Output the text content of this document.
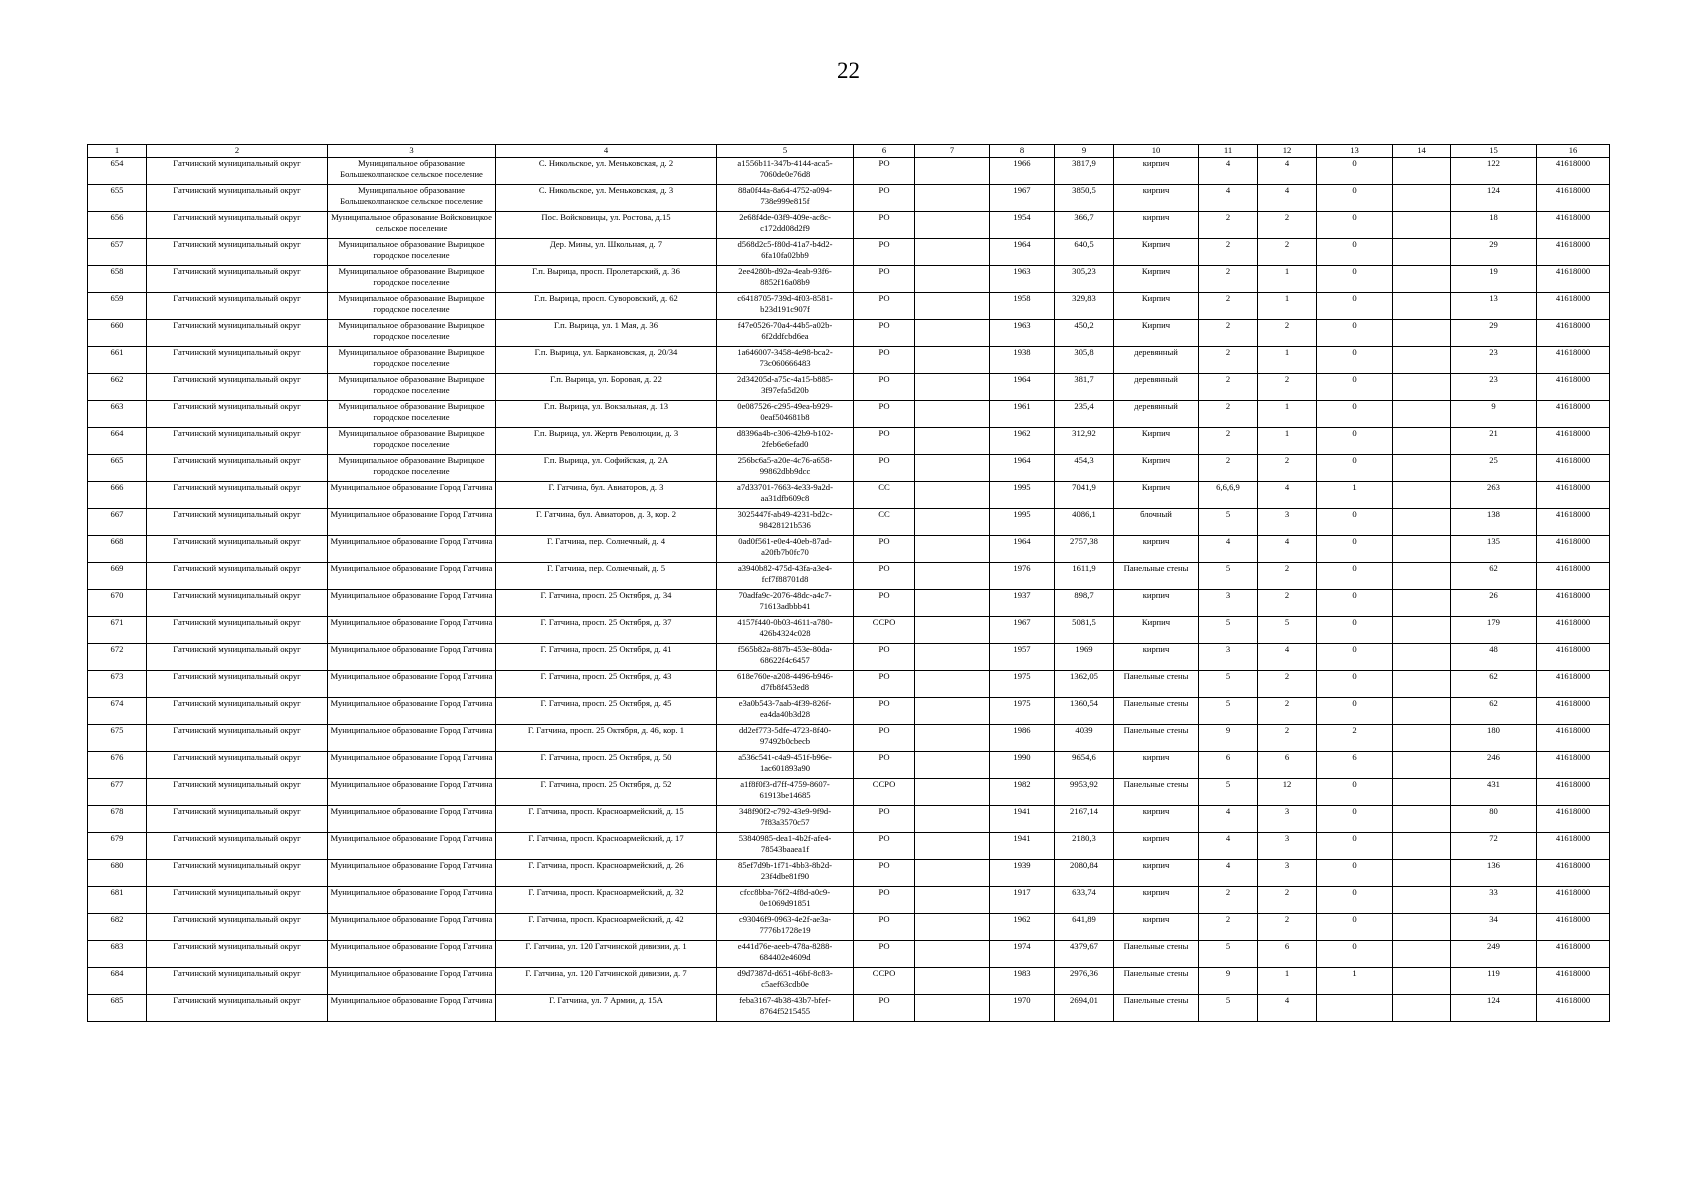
22
1	2	3	4	5	6	7	8	9	10	11	12	13	14	15	16
654	Гатчинский муниципальный округ	Муниципальное образование Большеколпанское сельское поселение	С. Никольское, ул. Меньковская, д. 2	a1556b11-347b-4144-aca5-7060de0e76d8	РО		1966	3817,9	кирпич	4	4	0		122	41618000
655	Гатчинский муниципальный округ	Муниципальное образование Большеколпанское сельское поселение	С. Никольское, ул. Меньковская, д. 3	88a0f44a-8a64-4752-a094-738e999e815f	РО		1967	3850,5	кирпич	4	4	0		124	41618000
656	Гатчинский муниципальный округ	Муниципальное образование Войсковицкое сельское поселение	Пос. Войсковицы, ул. Ростова, д.15	2e68f4de-03f9-409e-ac8c-c172dd08d2f9	РО		1954	366,7	кирпич	2	2	0		18	41618000
657	Гатчинский муниципальный округ	Муниципальное образование Вырицкое городское поселение	Дер. Мины, ул. Школьная, д. 7	d568d2c5-f80d-41a7-b4d2-6fa10fa02bb9	РО		1964	640,5	Кирпич	2	2	0		29	41618000
658	Гатчинский муниципальный округ	Муниципальное образование Вырицкое городское поселение	Г.п. Вырица, просп. Пролетарский, д. 36	2ee4280b-d92a-4eab-93f6-8852f16a08b9	РО		1963	305,23	Кирпич	2	1	0		19	41618000
659	Гатчинский муниципальный округ	Муниципальное образование Вырицкое городское поселение	Г.п. Вырица, просп. Суворовский, д. 62	c6418705-739d-4f03-8581-b23d191c907f	РО		1958	329,83	Кирпич	2	1	0		13	41618000
660	Гатчинский муниципальный округ	Муниципальное образование Вырицкое городское поселение	Г.п. Вырица, ул. 1 Мая, д. 36	f47e0526-70a4-44b5-a02b-6f2ddfcbd6ea	РО		1963	450,2	Кирпич	2	2	0		29	41618000
661	Гатчинский муниципальный округ	Муниципальное образование Вырицкое городское поселение	Г.п. Вырица, ул. Баркановская, д. 20/34	1a646007-3458-4e98-bca2-73c060666483	РО		1938	305,8	деревянный	2	1	0		23	41618000
662	Гатчинский муниципальный округ	Муниципальное образование Вырицкое городское поселение	Г.п. Вырица, ул. Боровая, д. 22	2d34205d-a75c-4a15-b885-3f97efa5d20b	РО		1964	381,7	деревянный	2	2	0		23	41618000
663	Гатчинский муниципальный округ	Муниципальное образование Вырицкое городское поселение	Г.п. Вырица, ул. Вокзальная, д. 13	0e087526-c295-49ea-b929-0eaf504681b8	РО		1961	235,4	деревянный	2	1	0		9	41618000
664	Гатчинский муниципальный округ	Муниципальное образование Вырицкое городское поселение	Г.п. Вырица, ул. Жертв Революции, д. 3	d8396a4b-c306-42b9-b102-2feb6e6efad0	РО		1962	312,92	Кирпич	2	1	0		21	41618000
665	Гатчинский муниципальный округ	Муниципальное образование Вырицкое городское поселение	Г.п. Вырица, ул. Софийская, д. 2А	256bc6a5-a20e-4c76-a658-99862dbb9dcc	РО		1964	454,3	Кирпич	2	2	0		25	41618000
666	Гатчинский муниципальный округ	Муниципальное образование Город Гатчина	Г. Гатчина, бул. Авиаторов, д. 3	a7d33701-7663-4e33-9a2d-aa31dfb609c8	СС		1995	7041,9	Кирпич	6,6,6,9	4	1		263	41618000
667	Гатчинский муниципальный округ	Муниципальное образование Город Гатчина	Г. Гатчина, бул. Авиаторов, д. 3, кор. 2	3025447f-ab49-4231-bd2c-98428121b536	СС		1995	4086,1	блочный	5	3	0		138	41618000
668	Гатчинский муниципальный округ	Муниципальное образование Город Гатчина	Г. Гатчина, пер. Солнечный, д. 4	0ad0f561-e0e4-40eb-87ad-a20fb7b0fc70	РО		1964	2757,38	кирпич	4	4	0		135	41618000
669	Гатчинский муниципальный округ	Муниципальное образование Город Гатчина	Г. Гатчина, пер. Солнечный, д. 5	a3940b82-475d-43fa-a3e4-fcf7f88701d8	РО		1976	1611,9	Панельные стены	5	2	0		62	41618000
670	Гатчинский муниципальный округ	Муниципальное образование Город Гатчина	Г. Гатчина, просп. 25 Октября, д. 34	70adfa9c-2076-48dc-a4c7-71613adbbb41	РО		1937	898,7	кирпич	3	2	0		26	41618000
671	Гатчинский муниципальный округ	Муниципальное образование Город Гатчина	Г. Гатчина, просп. 25 Октября, д. 37	4157f440-0b03-4611-a780-426b4324c028	ССРО		1967	5081,5	Кирпич	5	5	0		179	41618000
672	Гатчинский муниципальный округ	Муниципальное образование Город Гатчина	Г. Гатчина, просп. 25 Октября, д. 41	f565b82a-887b-453e-80da-68622f4c6457	РО		1957	1969	кирпич	3	4	0		48	41618000
673	Гатчинский муниципальный округ	Муниципальное образование Город Гатчина	Г. Гатчина, просп. 25 Октября, д. 43	618e760e-a208-4496-b946-d7fb8f453ed8	РО		1975	1362,05	Панельные стены	5	2	0		62	41618000
674	Гатчинский муниципальный округ	Муниципальное образование Город Гатчина	Г. Гатчина, просп. 25 Октября, д. 45	e3a0b543-7aab-4f39-826f-ea4da40b3d28	РО		1975	1360,54	Панельные стены	5	2	0		62	41618000
675	Гатчинский муниципальный округ	Муниципальное образование Город Гатчина	Г. Гатчина, просп. 25 Октября, д. 46, кор. 1	dd2ef773-5dfe-4723-8f40-97492b0cbecb	РО		1986	4039	Панельные стены	9	2	2		180	41618000
676	Гатчинский муниципальный округ	Муниципальное образование Город Гатчина	Г. Гатчина, просп. 25 Октября, д. 50	a536c541-c4a9-451f-b96e-1ac601893a90	РО		1990	9654,6	кирпич	6	6	6		246	41618000
677	Гатчинский муниципальный округ	Муниципальное образование Город Гатчина	Г. Гатчина, просп. 25 Октября, д. 52	a1f8f0f3-d7ff-4759-8607-61913be14685	ССРО		1982	9953,92	Панельные стены	5	12	0		431	41618000
678	Гатчинский муниципальный округ	Муниципальное образование Город Гатчина	Г. Гатчина, просп. Красноармейский, д. 15	348f90f2-c792-43e9-9f9d-7f83a3570c57	РО		1941	2167,14	кирпич	4	3	0		80	41618000
679	Гатчинский муниципальный округ	Муниципальное образование Город Гатчина	Г. Гатчина, просп. Красноармейский, д. 17	53840985-dea1-4b2f-afe4-78543baaea1f	РО		1941	2180,3	кирпич	4	3	0		72	41618000
680	Гатчинский муниципальный округ	Муниципальное образование Город Гатчина	Г. Гатчина, просп. Красноармейский, д. 26	85ef7d9b-1f71-4bb3-8b2d-23f4dbe81f90	РО		1939	2080,84	кирпич	4	3	0		136	41618000
681	Гатчинский муниципальный округ	Муниципальное образование Город Гатчина	Г. Гатчина, просп. Красноармейский, д. 32	cfcc8bba-76f2-4f8d-a0c9-0e1069d91851	РО		1917	633,74	кирпич	2	2	0		33	41618000
682	Гатчинский муниципальный округ	Муниципальное образование Город Гатчина	Г. Гатчина, просп. Красноармейский, д. 42	c93046f9-0963-4e2f-ae3a-7776b1728e19	РО		1962	641,89	кирпич	2	2	0		34	41618000
683	Гатчинский муниципальный округ	Муниципальное образование Город Гатчина	Г. Гатчина, ул. 120 Гатчинской дивизии, д. 1	e441d76e-aeeb-478a-8288-684402e4609d	РО		1974	4379,67	Панельные стены	5	6	0		249	41618000
684	Гатчинский муниципальный округ	Муниципальное образование Город Гатчина	Г. Гатчина, ул. 120 Гатчинской дивизии, д. 7	d9d7387d-d651-46bf-8c83-c5aef63cdb0e	ССРО		1983	2976,36	Панельные стены	9	1	1		119	41618000
685	Гатчинский муниципальный округ	Муниципальное образование Город Гатчина	Г. Гатчина, ул. 7 Армии, д. 15А	feba3167-4b38-43b7-bfef-8764f5215455	РО		1970	2694,01	Панельные стены	5	4			124	41618000
